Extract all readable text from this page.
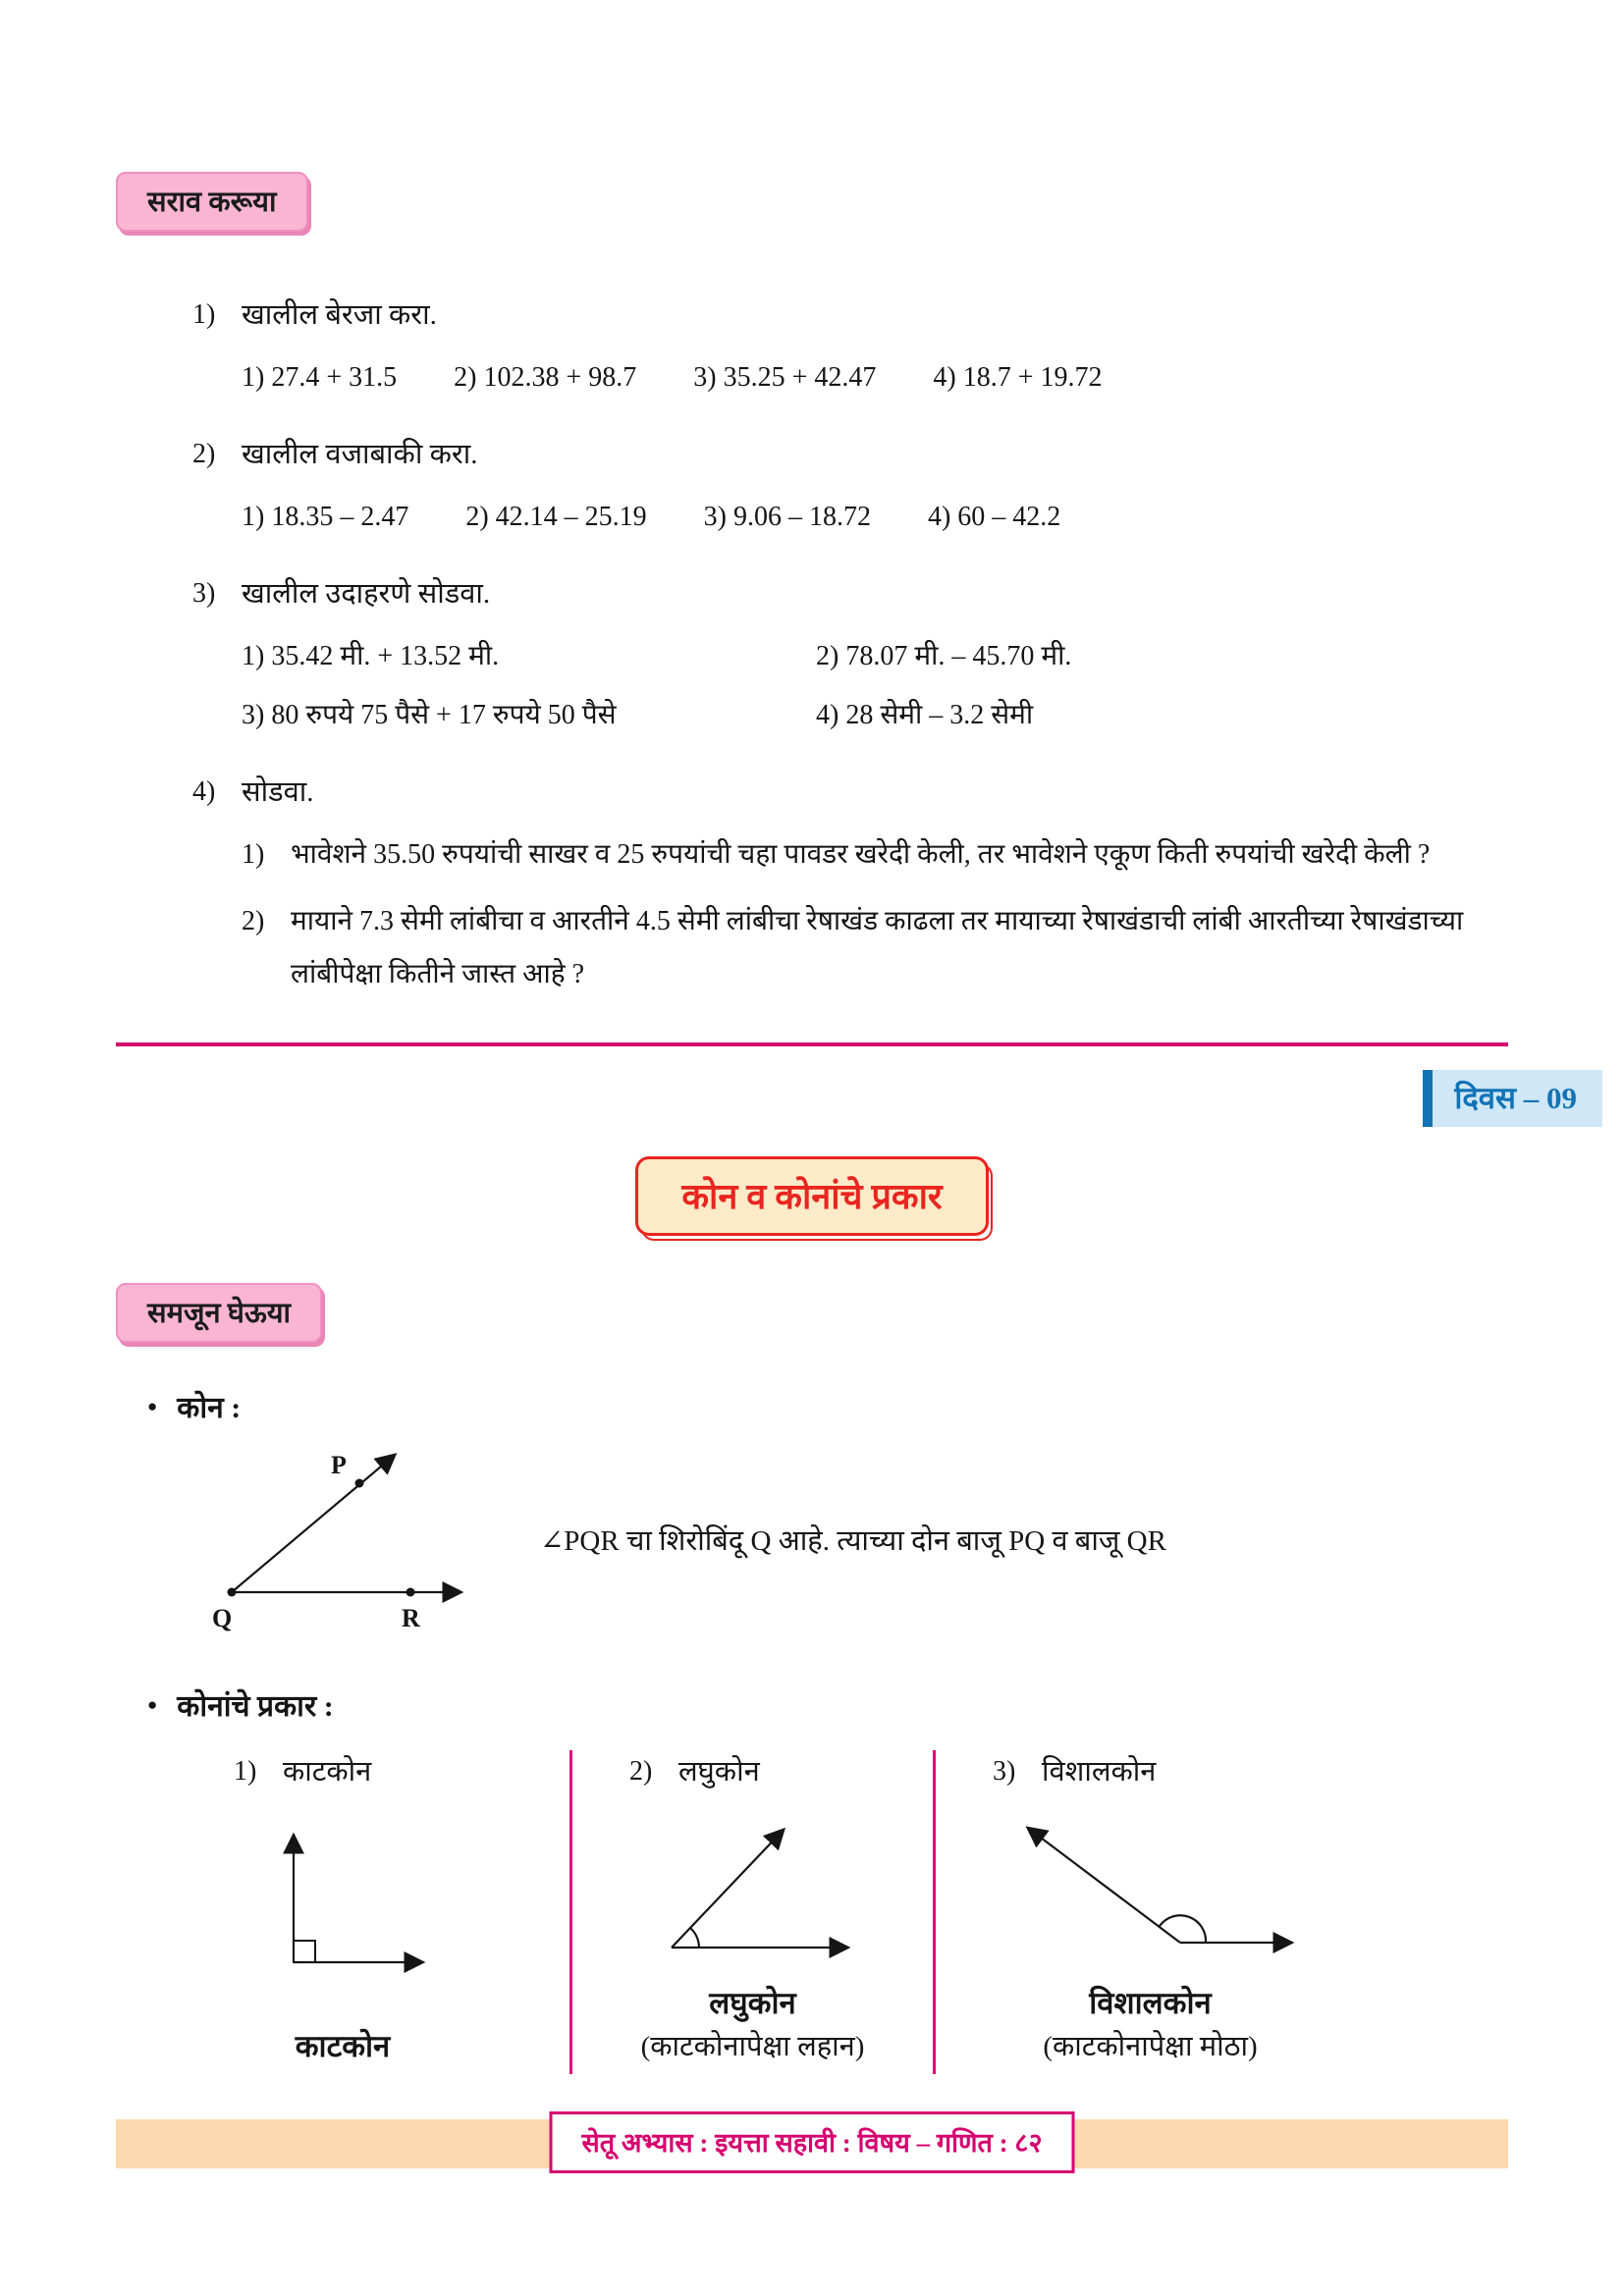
सराव करूया
1) खालील बेरजा करा.
1) 27.4 + 31.5 2) 102.38 + 98.7 3) 35.25 + 42.47 4) 18.7 + 19.72
2) खालील वजाबाकी करा.
1) 18.35 – 2.47 2) 42.14 – 25.19 3) 9.06 – 18.72 4) 60 – 42.2
3) खालील उदाहरणे सोडवा.
1) 35.42 मी. + 13.52 मी.	2) 78.07 मी. – 45.70 मी.
3) 80 रुपये 75 पैसे + 17 रुपये 50 पैसे	4) 28 सेमी – 3.2 सेमी
4) सोडवा.
1) भावेशने 35.50 रुपयांची साखर व 25 रुपयांची चहा पावडर खरेदी केली, तर भावेशने एकूण किती रुपयांची खरेदी केली ?
2) मायाने 7.3 सेमी लांबीचा व आरतीने 4.5 सेमी लांबीचा रेषाखंड काढला तर मायाच्या रेषाखंडाची लांबी आरतीच्या रेषाखंडाच्या लांबीपेक्षा कितीने जास्त आहे ?
दिवस – 09
कोन व कोनांचे प्रकार
समजून घेऊया
● कोन :
P
Q	R
∠PQR चा शिरोबिंदू Q आहे. त्याच्या दोन बाजू PQ व बाजू QR
● कोनांचे प्रकार :
1) काटकोन
काटकोन
2) लघुकोन
लघुकोन
(काटकोनापेक्षा लहान)
3) विशालकोन
विशालकोन
(काटकोनापेक्षा मोठा)
सेतू अभ्यास : इयत्ता सहावी : विषय – गणित : ८२
